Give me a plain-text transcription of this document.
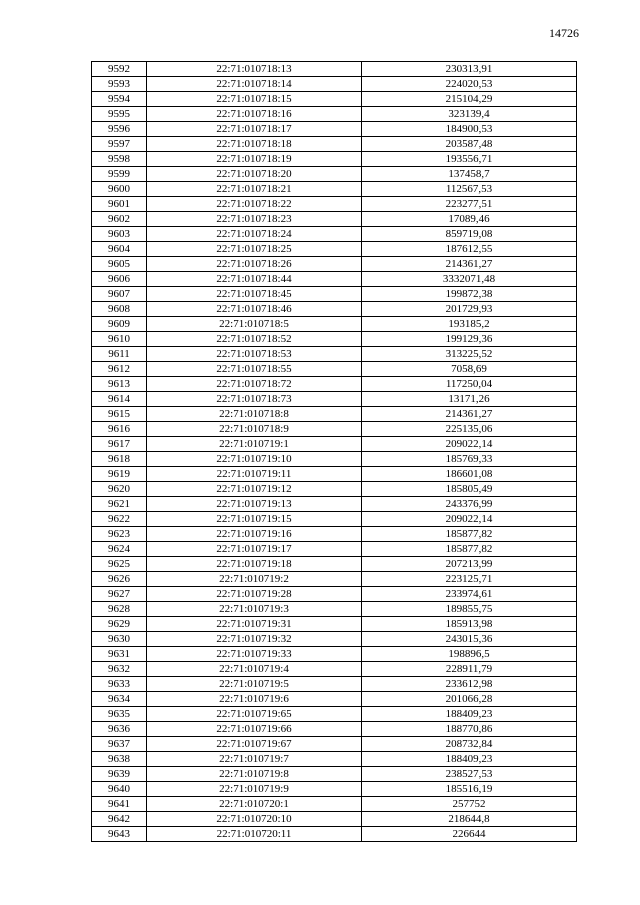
14726
9592	22:71:010718:13	230313,91
9593	22:71:010718:14	224020,53
9594	22:71:010718:15	215104,29
9595	22:71:010718:16	323139,4
9596	22:71:010718:17	184900,53
9597	22:71:010718:18	203587,48
9598	22:71:010718:19	193556,71
9599	22:71:010718:20	137458,7
9600	22:71:010718:21	112567,53
9601	22:71:010718:22	223277,51
9602	22:71:010718:23	17089,46
9603	22:71:010718:24	859719,08
9604	22:71:010718:25	187612,55
9605	22:71:010718:26	214361,27
9606	22:71:010718:44	3332071,48
9607	22:71:010718:45	199872,38
9608	22:71:010718:46	201729,93
9609	22:71:010718:5	193185,2
9610	22:71:010718:52	199129,36
9611	22:71:010718:53	313225,52
9612	22:71:010718:55	7058,69
9613	22:71:010718:72	117250,04
9614	22:71:010718:73	13171,26
9615	22:71:010718:8	214361,27
9616	22:71:010718:9	225135,06
9617	22:71:010719:1	209022,14
9618	22:71:010719:10	185769,33
9619	22:71:010719:11	186601,08
9620	22:71:010719:12	185805,49
9621	22:71:010719:13	243376,99
9622	22:71:010719:15	209022,14
9623	22:71:010719:16	185877,82
9624	22:71:010719:17	185877,82
9625	22:71:010719:18	207213,99
9626	22:71:010719:2	223125,71
9627	22:71:010719:28	233974,61
9628	22:71:010719:3	189855,75
9629	22:71:010719:31	185913,98
9630	22:71:010719:32	243015,36
9631	22:71:010719:33	198896,5
9632	22:71:010719:4	228911,79
9633	22:71:010719:5	233612,98
9634	22:71:010719:6	201066,28
9635	22:71:010719:65	188409,23
9636	22:71:010719:66	188770,86
9637	22:71:010719:67	208732,84
9638	22:71:010719:7	188409,23
9639	22:71:010719:8	238527,53
9640	22:71:010719:9	185516,19
9641	22:71:010720:1	257752
9642	22:71:010720:10	218644,8
9643	22:71:010720:11	226644
